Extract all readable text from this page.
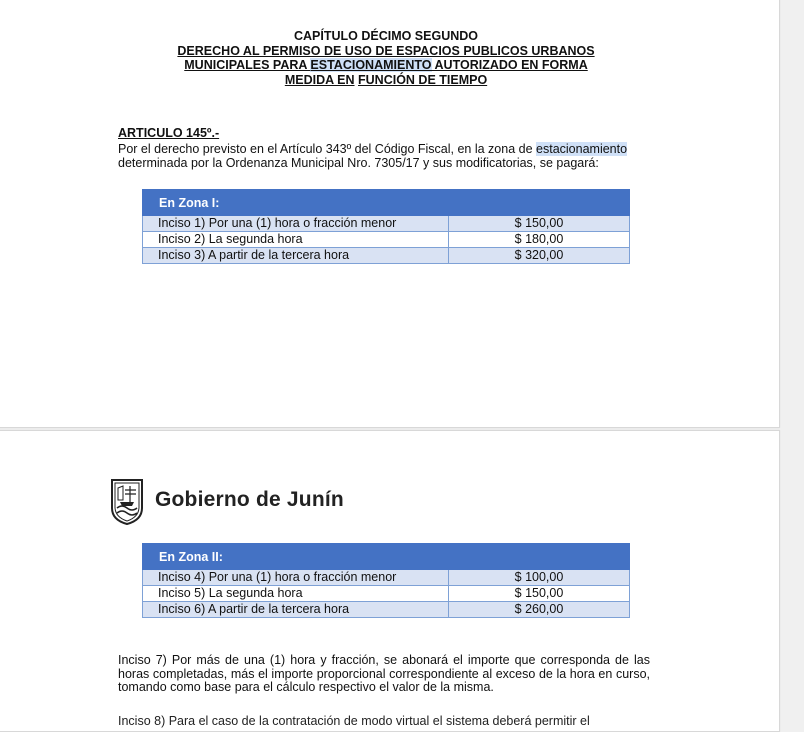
CAPÍTULO DÉCIMO SEGUNDO
DERECHO AL PERMISO DE USO DE ESPACIOS PUBLICOS URBANOS
MUNICIPALES PARA ESTACIONAMIENTO AUTORIZADO EN FORMA
MEDIDA EN FUNCIÓN DE TIEMPO
ARTICULO 145º.-
Por el derecho previsto en el Artículo 343º del Código Fiscal, en la zona de estacionamiento determinada por la Ordenanza Municipal Nro. 7305/17 y sus modificatorias, se pagará:
En Zona I:	
Inciso 1) Por una (1) hora o fracción menor	$ 150,00
Inciso 2) La segunda hora	$ 180,00
Inciso 3) A partir de la tercera hora	$ 320,00
Gobierno de Junín
En Zona II:	
Inciso 4) Por una (1) hora o fracción menor	$ 100,00
Inciso 5) La segunda hora	$ 150,00
Inciso 6) A partir de la tercera hora	$ 260,00
Inciso 7) Por más de una (1) hora y fracción, se abonará el importe que corresponda de las horas completadas, más el importe proporcional correspondiente al exceso de la hora en curso, tomando como base para el cálculo respectivo el valor de la misma.
Inciso 8) Para el caso de la contratación de modo virtual el sistema deberá permitir el
